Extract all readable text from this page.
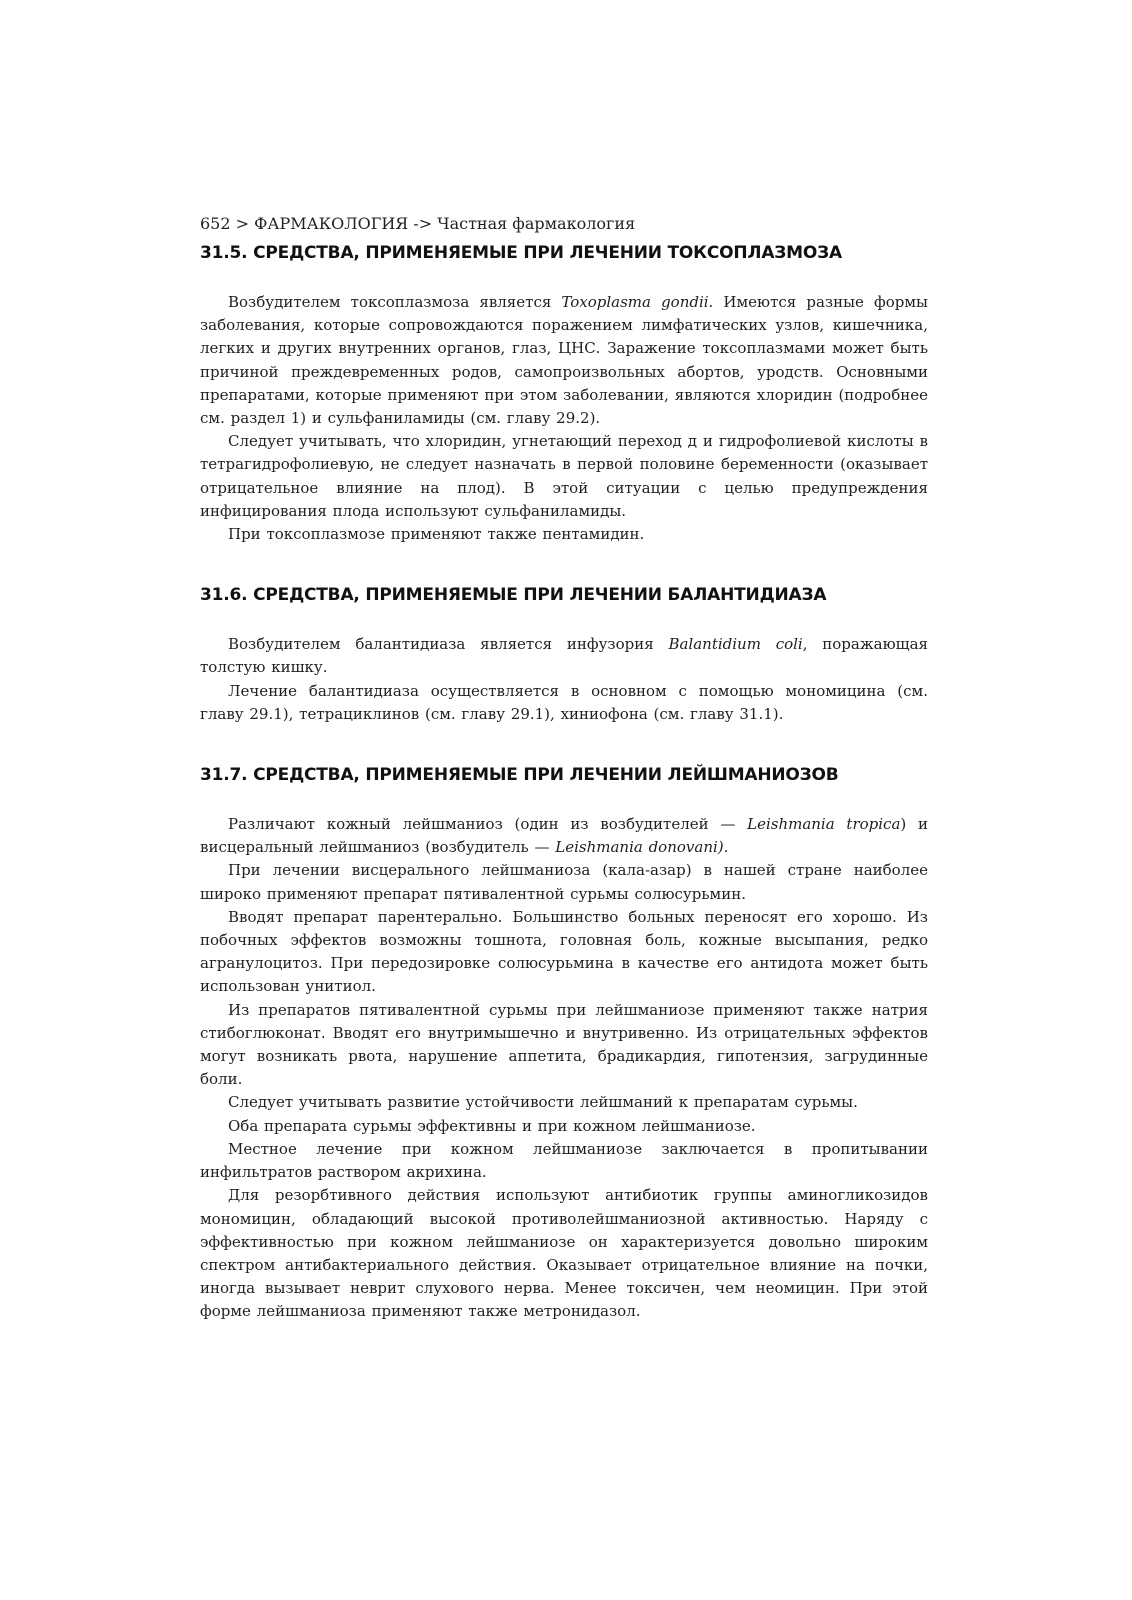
652 > ФАРМАКОЛОГИЯ -> Частная фармакология
31.5. СРЕДСТВА, ПРИМЕНЯЕМЫЕ ПРИ ЛЕЧЕНИИ ТОКСОПЛАЗМОЗА

Возбудителем токсоплазмоза является Toxoplasma gondii. Имеются разные формы заболевания, которые сопровождаются поражением лимфатических узлов, кишечника, легких и других внутренних органов, глаз, ЦНС. Заражение токсоплазмами может быть причиной преждевременных родов, самопроизвольных абортов, уродств. Основными препаратами, которые применяют при этом заболевании, являются хлоридин (подробнее см. раздел 1) и сульфаниламиды (см. главу 29.2).

Следует учитывать, что хлоридин, угнетающий переход д и гидрофолиевой кислоты в тетрагидрофолиевую, не следует назначать в первой половине беременности (оказывает отрицательное влияние на плод). В этой ситуации с целью предупреждения инфицирования плода используют сульфаниламиды.

При токсоплазмозе применяют также пентамидин.

31.6. СРЕДСТВА, ПРИМЕНЯЕМЫЕ ПРИ ЛЕЧЕНИИ БАЛАНТИДИАЗА

Возбудителем балантидиаза является инфузория Balantidium coli, поражающая толстую кишку.

Лечение балантидиаза осуществляется в основном с помощью мономицина (см. главу 29.1), тетрациклинов (см. главу 29.1), хиниофона (см. главу 31.1).

31.7. СРЕДСТВА, ПРИМЕНЯЕМЫЕ ПРИ ЛЕЧЕНИИ ЛЕЙШМАНИОЗОВ

Различают кожный лейшманиоз (один из возбудителей — Leishmania tropica) и висцеральный лейшманиоз (возбудитель — Leishmania donovani).

При лечении висцерального лейшманиоза (кала-азар) в нашей стране наиболее широко применяют препарат пятивалентной сурьмы солюсурьмин.

Вводят препарат парентерально. Большинство больных переносят его хорошо. Из побочных эффектов возможны тошнота, головная боль, кожные высыпания, редко агранулоцитоз. При передозировке солюсурьмина в качестве его антидота может быть использован унитиол.

Из препаратов пятивалентной сурьмы при лейшманиозе применяют также натрия стибоглюконат. Вводят его внутримышечно и внутривенно. Из отрицательных эффектов могут возникать рвота, нарушение аппетита, брадикардия, гипотензия, загрудинные боли.

Следует учитывать развитие устойчивости лейшманий к препаратам сурьмы.

Оба препарата сурьмы эффективны и при кожном лейшманиозе.

Местное лечение при кожном лейшманиозе заключается в пропитывании инфильтратов раствором акрихина.

Для резорбтивного действия используют антибиотик группы аминогликозидов мономицин, обладающий высокой противолейшманиозной активностью. Наряду с эффективностью при кожном лейшманиозе он характеризуется довольно широким спектром антибактериального действия. Оказывает отрицательное влияние на почки, иногда вызывает неврит слухового нерва. Менее токсичен, чем неомицин. При этой форме лейшманиоза применяют также метронидазол.
